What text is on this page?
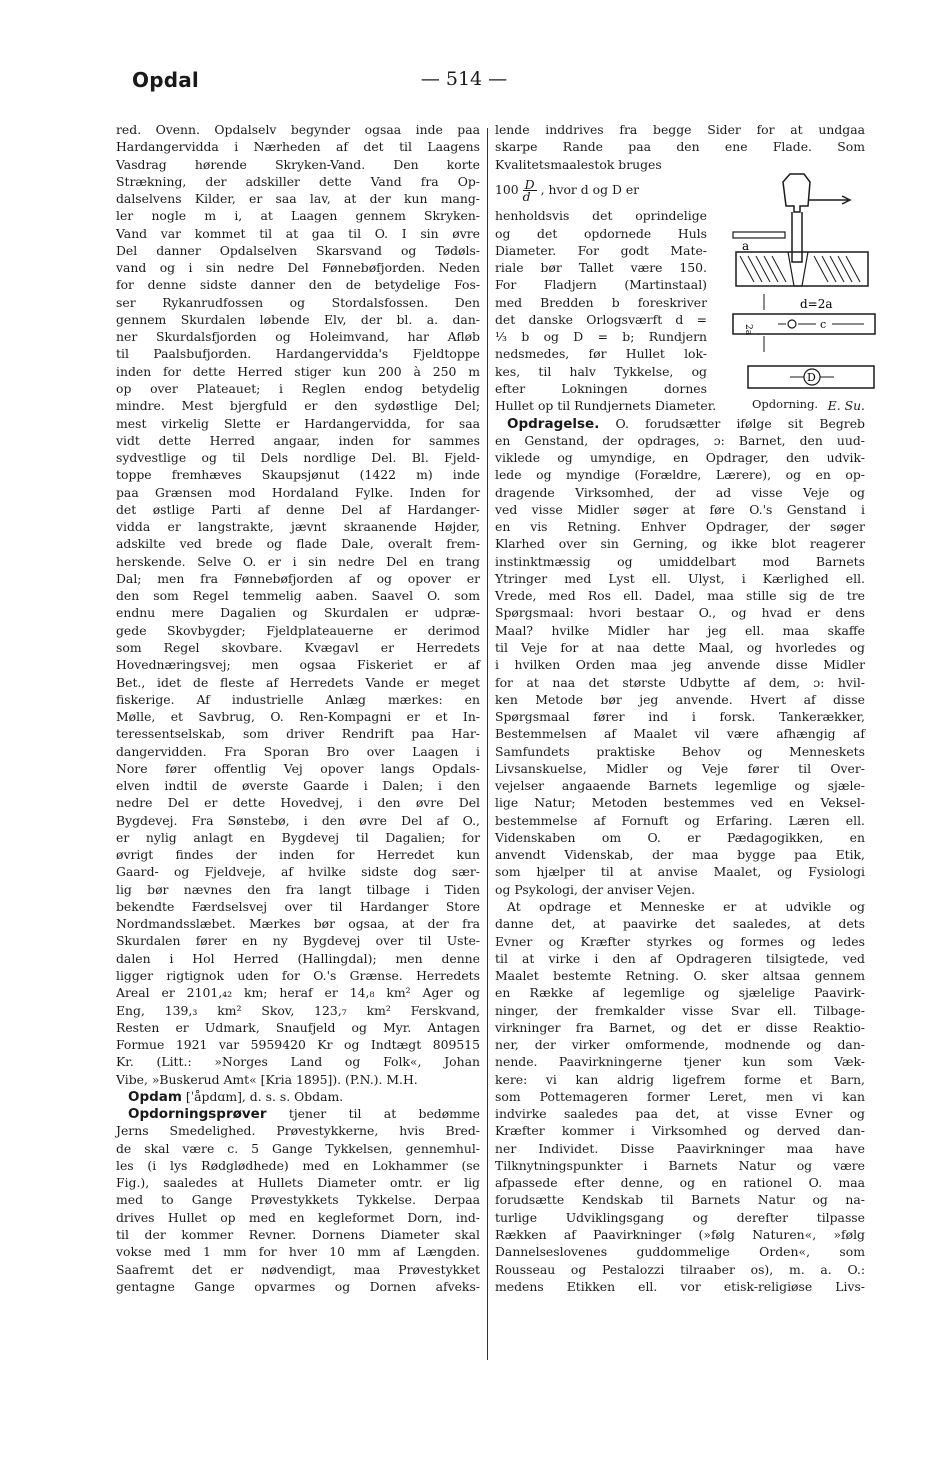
Opdal	— 514 —
red. Ovenn. Opdalselv begynder ogsaa inde paa
Hardangervidda i Nærheden af det til Laagens
Vasdrag hørende Skryken-Vand. Den korte
Strækning, der adskiller dette Vand fra Op-
dalselvens Kilder, er saa lav, at der kun mang-
ler nogle m i, at Laagen gennem Skryken-
Vand var kommet til at gaa til O. I sin øvre
Del danner Opdalselven Skarsvand og Tødøls-
vand og i sin nedre Del Fønnebøfjorden. Neden
for denne sidste danner den de betydelige Fos-
ser Rykanrudfossen og Stordalsfossen. Den
gennem Skurdalen løbende Elv, der bl. a. dan-
ner Skurdalsfjorden og Holeimvand, har Afløb
til Paalsbufjorden. Hardangervidda's Fjeldtoppe
inden for dette Herred stiger kun 200 à 250 m
op over Plateauet; i Reglen endog betydelig
mindre. Mest bjergfuld er den sydøstlige Del;
mest virkelig Slette er Hardangervidda, for saa
vidt dette Herred angaar, inden for sammes
sydvestlige og til Dels nordlige Del. Bl. Fjeld-
toppe fremhæves Skaupsjønut (1422 m) inde
paa Grænsen mod Hordaland Fylke. Inden for
det østlige Parti af denne Del af Hardanger-
vidda er langstrakte, jævnt skraanende Højder,
adskilte ved brede og flade Dale, overalt frem-
herskende. Selve O. er i sin nedre Del en trang
Dal; men fra Fønnebøfjorden af og opover er
den som Regel temmelig aaben. Saavel O. som
endnu mere Dagalien og Skurdalen er udpræ-
gede Skovbygder; Fjeldplateauerne er derimod
som Regel skovbare. Kvægavl er Herredets
Hovednæringsvej; men ogsaa Fiskeriet er af
Bet., idet de fleste af Herredets Vande er meget
fiskerige. Af industrielle Anlæg mærkes: en
Mølle, et Savbrug, O. Ren-Kompagni er et In-
teressentselskab, som driver Rendrift paa Har-
dangervidden. Fra Sporan Bro over Laagen i
Nore fører offentlig Vej opover langs Opdals-
elven indtil de øverste Gaarde i Dalen; i den
nedre Del er dette Hovedvej, i den øvre Del
Bygdevej. Fra Sønstebø, i den øvre Del af O.,
er nylig anlagt en Bygdevej til Dagalien; for
øvrigt findes der inden for Herredet kun
Gaard- og Fjeldveje, af hvilke sidste dog sær-
lig bør nævnes den fra langt tilbage i Tiden
bekendte Færdselsvej over til Hardanger Store
Nordmandsslæbet. Mærkes bør ogsaa, at der fra
Skurdalen fører en ny Bygdevej over til Uste-
dalen i Hol Herred (Hallingdal); men denne
ligger rigtignok uden for O.'s Grænse. Herredets
Areal er 2101,₄₂ km; heraf er 14,₈ km² Ager og
Eng, 139,₃ km² Skov, 123,₇ km² Ferskvand,
Resten er Udmark, Snaufjeld og Myr. Antagen
Formue 1921 var 5959420 Kr og Indtægt 809515
Kr. (Litt.: »Norges Land og Folk«, Johan
Vibe, »Buskerud Amt« [Kria 1895]). (P.N.). M.H.
Opdam [ˈåpdɑm], d. s. s. Obdam.
Opdorningsprøver tjener til at bedømme
Jerns Smedelighed. Prøvestykkerne, hvis Bred-
de skal være c. 5 Gange Tykkelsen, gennemhul-
les (i lys Rødglødhede) med en Lokhammer (se
Fig.), saaledes at Hullets Diameter omtr. er lig
med to Gange Prøvestykkets Tykkelse. Derpaa
drives Hullet op med en kegleformet Dorn, ind-
til der kommer Revner. Dornens Diameter skal
vokse med 1 mm for hver 10 mm af Længden.
Saafremt det er nødvendigt, maa Prøvestykket
gentagne Gange opvarmes og Dornen afveks-
lende inddrives fra begge Sider for at undgaa
skarpe Rande paa den ene Flade. Som
Kvalitetsmaalestok bruges
$100 \frac{D}{d}$ , hvor d og D er
henholdsvis det oprindelige
og det opdornede Huls
Diameter. For godt Mate-
riale bør Tallet være 150.
For Fladjern (Martinstaal)
med Bredden b foreskriver
det danske Orlogsværft d =
⅓ b og D = b; Rundjern
nedsmedes, før Hullet lok-
kes, til halv Tykkelse, og
efter Lokningen dornes
Hullet op til Rundjernets Diameter.	E. Su.
Opdragelse. O. forudsætter ifølge sit Begreb
en Genstand, der opdrages, ɔ: Barnet, den uud-
viklede og umyndige, en Opdrager, den udvik-
lede og myndige (Forældre, Lærere), og en op-
dragende Virksomhed, der ad visse Veje og
ved visse Midler søger at føre O.'s Genstand i
en vis Retning. Enhver Opdrager, der søger
Klarhed over sin Gerning, og ikke blot reagerer
instinktmæssig og umiddelbart mod Barnets
Ytringer med Lyst ell. Ulyst, i Kærlighed ell.
Vrede, med Ros ell. Dadel, maa stille sig de tre
Spørgsmaal: hvori bestaar O., og hvad er dens
Maal? hvilke Midler har jeg ell. maa skaffe
til Veje for at naa dette Maal, og hvorledes og
i hvilken Orden maa jeg anvende disse Midler
for at naa det største Udbytte af dem, ɔ: hvil-
ken Metode bør jeg anvende. Hvert af disse
Spørgsmaal fører ind i forsk. Tankerækker,
Bestemmelsen af Maalet vil være afhængig af
Samfundets praktiske Behov og Menneskets
Livsanskuelse, Midler og Veje fører til Over-
vejelser angaaende Barnets legemlige og sjæle-
lige Natur; Metoden bestemmes ved en Veksel-
bestemmelse af Fornuft og Erfaring. Læren ell.
Videnskaben om O. er Pædagogikken, en
anvendt Videnskab, der maa bygge paa Etik,
som hjælper til at anvise Maalet, og Fysiologi
og Psykologi, der anviser Vejen.
At opdrage et Menneske er at udvikle og
danne det, at paavirke det saaledes, at dets
Evner og Kræfter styrkes og formes og ledes
til at virke i den af Opdrageren tilsigtede, ved
Maalet bestemte Retning. O. sker altsaa gennem
en Række af legemlige og sjælelige Paavirk-
ninger, der fremkalder visse Svar ell. Tilbage-
virkninger fra Barnet, og det er disse Reaktio-
ner, der virker omformende, modnende og dan-
nende. Paavirkningerne tjener kun som Væk-
kere: vi kan aldrig ligefrem forme et Barn,
som Pottemageren former Leret, men vi kan
indvirke saaledes paa det, at visse Evner og
Kræfter kommer i Virksomhed og derved dan-
ner Individet. Disse Paavirkninger maa have
Tilknytningspunkter i Barnets Natur og være
afpassede efter denne, og en rationel O. maa
forudsætte Kendskab til Barnets Natur og na-
turlige Udviklingsgang og derefter tilpasse
Rækken af Paavirkninger (»følg Naturen«, »følg
Dannelseslovenes guddommelige Orden«, som
Rousseau og Pestalozzi tilraaber os), m. a. O.:
medens Etikken ell. vor etisk-religiøse Livs-
a
d=2a
c
2a
D
Opdorning.
